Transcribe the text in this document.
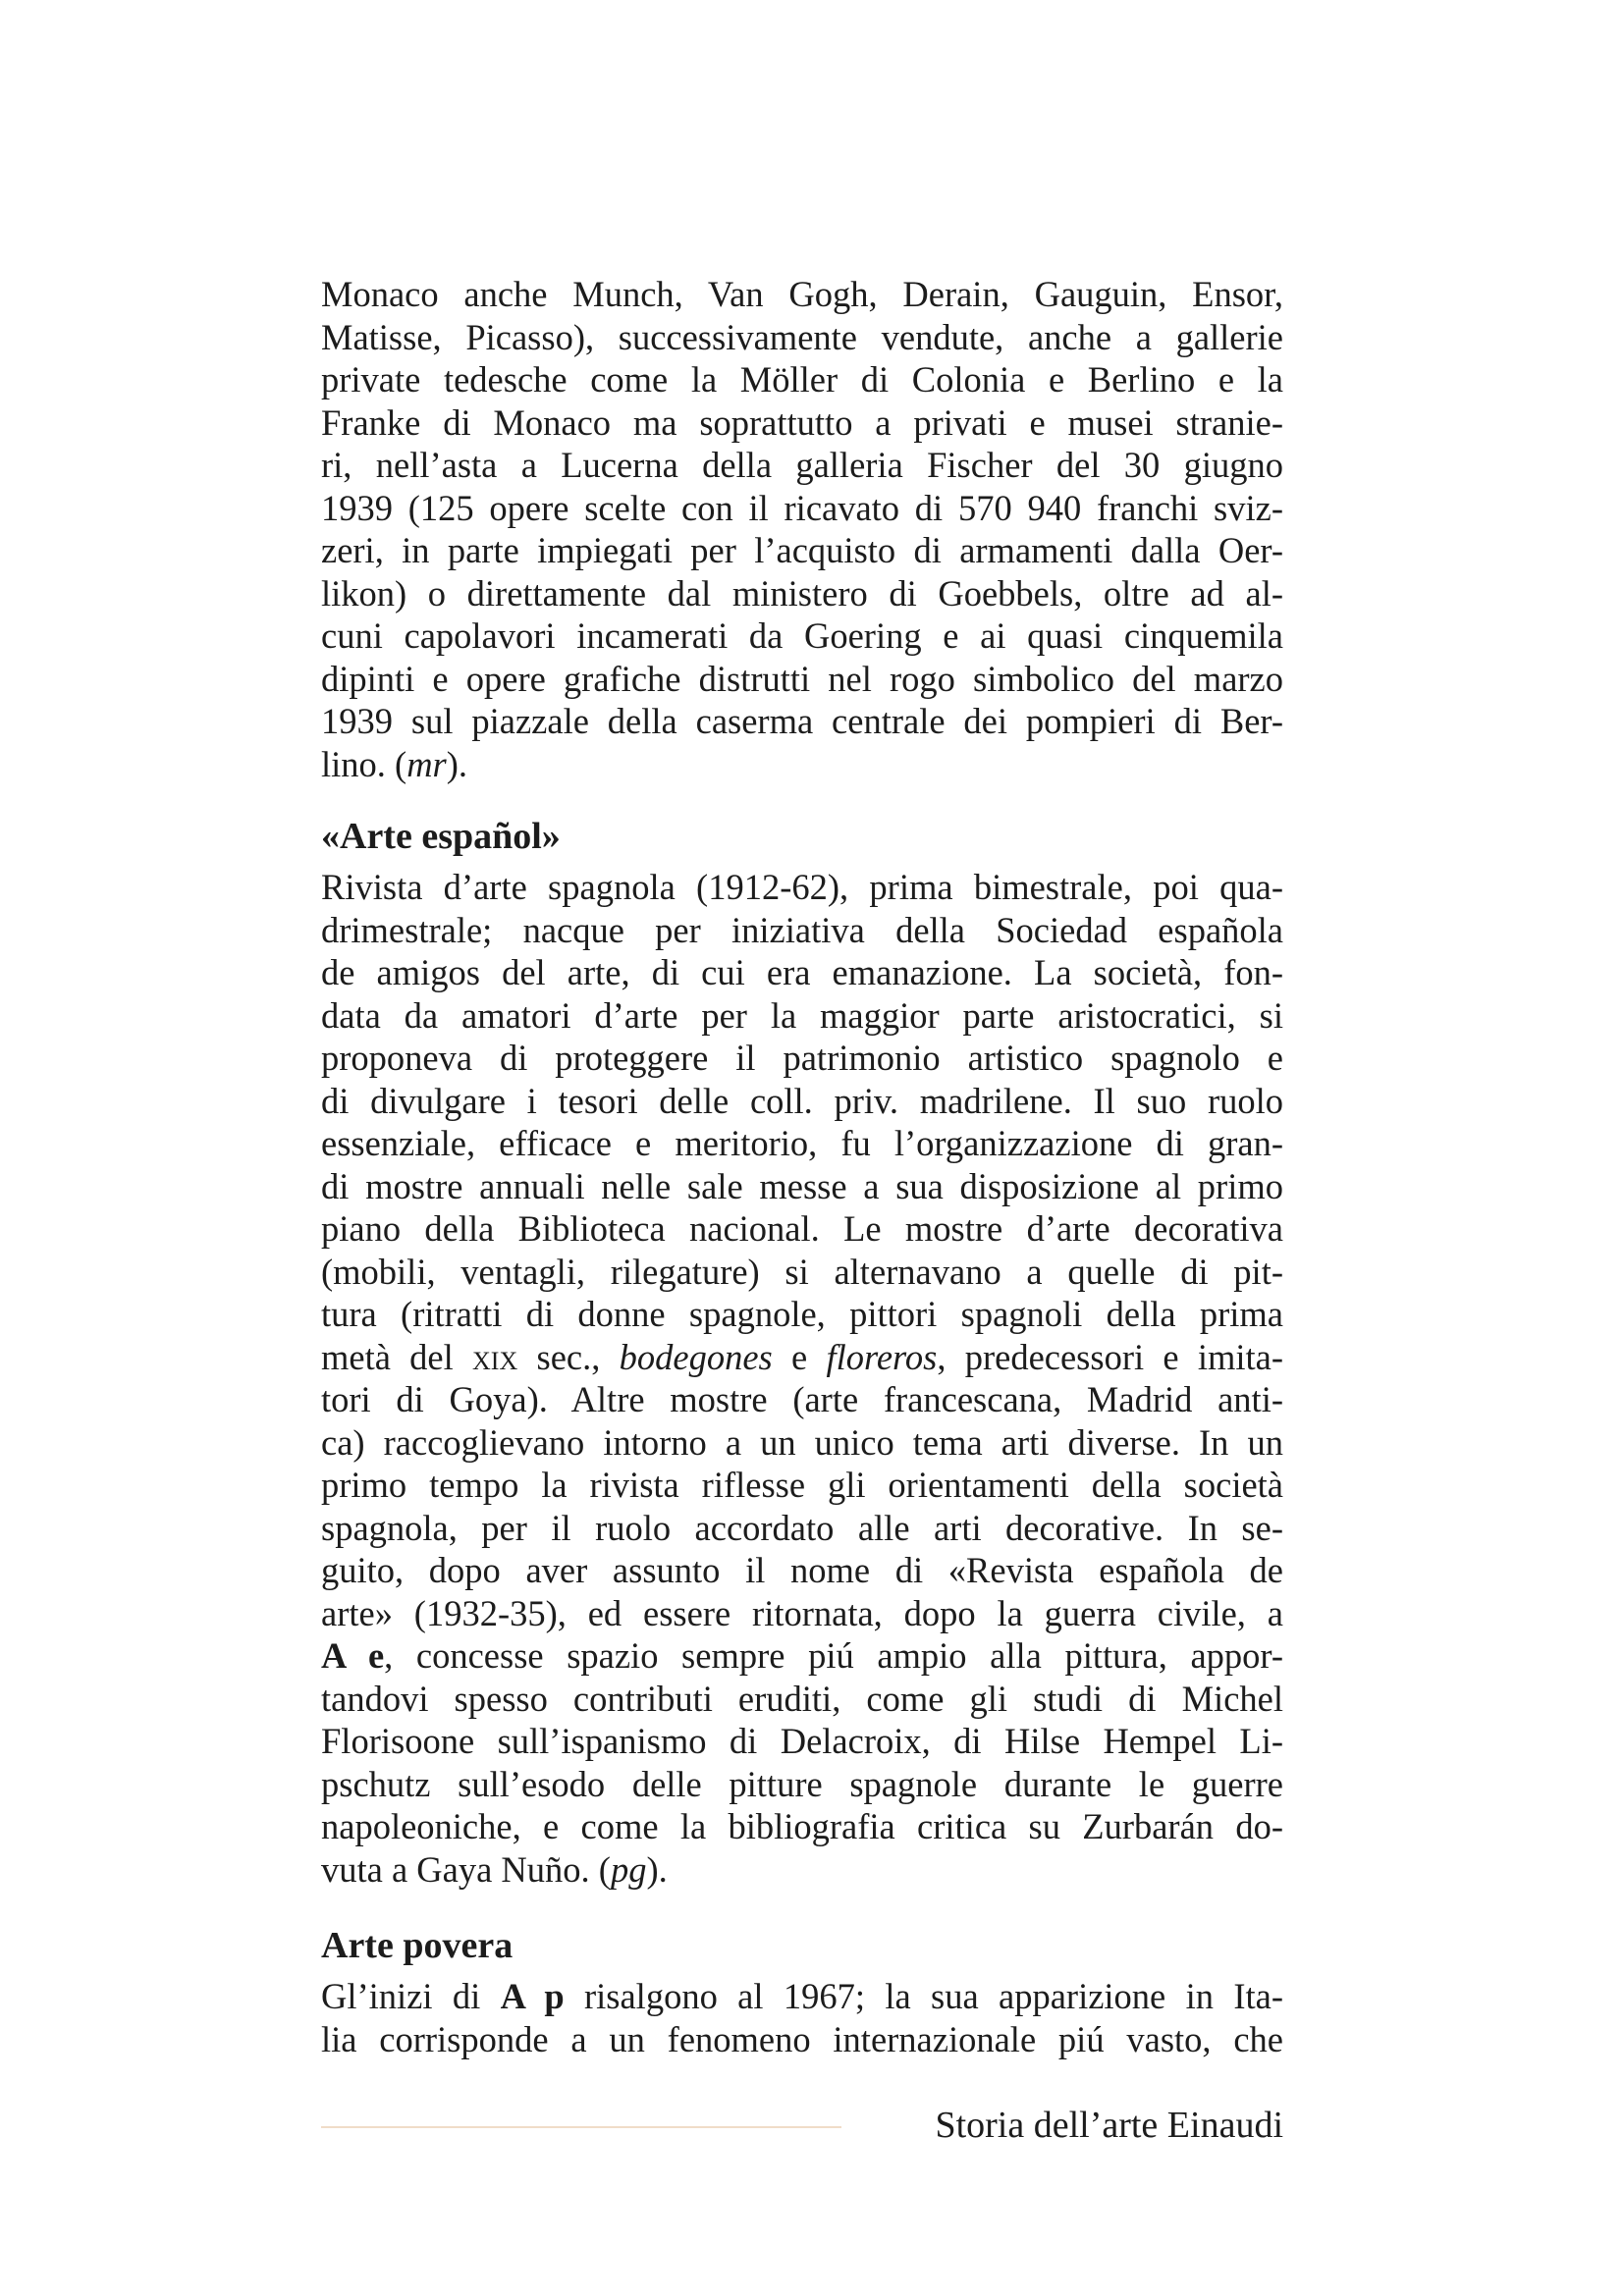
Monaco anche Munch, Van Gogh, Derain, Gauguin, Ensor,
Matisse, Picasso), successivamente vendute, anche a gallerie
private tedesche come la Möller di Colonia e Berlino e la
Franke di Monaco ma soprattutto a privati e musei stranie-
ri, nell’asta a Lucerna della galleria Fischer del 30 giugno
1939 (125 opere scelte con il ricavato di 570 940 franchi sviz-
zeri, in parte impiegati per l’acquisto di armamenti dalla Oer-
likon) o direttamente dal ministero di Goebbels, oltre ad al-
cuni capolavori incamerati da Goering e ai quasi cinquemila
dipinti e opere grafiche distrutti nel rogo simbolico del marzo
1939 sul piazzale della caserma centrale dei pompieri di Ber-
lino. (mr).

«Arte español»

Rivista d’arte spagnola (1912-62), prima bimestrale, poi qua-
drimestrale; nacque per iniziativa della Sociedad española
de amigos del arte, di cui era emanazione. La società, fon-
data da amatori d’arte per la maggior parte aristocratici, si
proponeva di proteggere il patrimonio artistico spagnolo e
di divulgare i tesori delle coll. priv. madrilene. Il suo ruolo
essenziale, efficace e meritorio, fu l’organizzazione di gran-
di mostre annuali nelle sale messe a sua disposizione al primo
piano della Biblioteca nacional. Le mostre d’arte decorativa
(mobili, ventagli, rilegature) si alternavano a quelle di pit-
tura (ritratti di donne spagnole, pittori spagnoli della prima
metà del xix sec., bodegones e floreros, predecessori e imita-
tori di Goya). Altre mostre (arte francescana, Madrid anti-
ca) raccoglievano intorno a un unico tema arti diverse. In un
primo tempo la rivista riflesse gli orientamenti della società
spagnola, per il ruolo accordato alle arti decorative. In se-
guito, dopo aver assunto il nome di «Revista española de
arte» (1932-35), ed essere ritornata, dopo la guerra civile, a
A e, concesse spazio sempre piú ampio alla pittura, appor-
tandovi spesso contributi eruditi, come gli studi di Michel
Florisoone sull’ispanismo di Delacroix, di Hilse Hempel Li-
pschutz sull’esodo delle pitture spagnole durante le guerre
napoleoniche, e come la bibliografia critica su Zurbarán do-
vuta a Gaya Nuño. (pg).

Arte povera

Gl’inizi di A p risalgono al 1967; la sua apparizione in Ita-
lia corrisponde a un fenomeno internazionale piú vasto, che

Storia dell’arte Einaudi
